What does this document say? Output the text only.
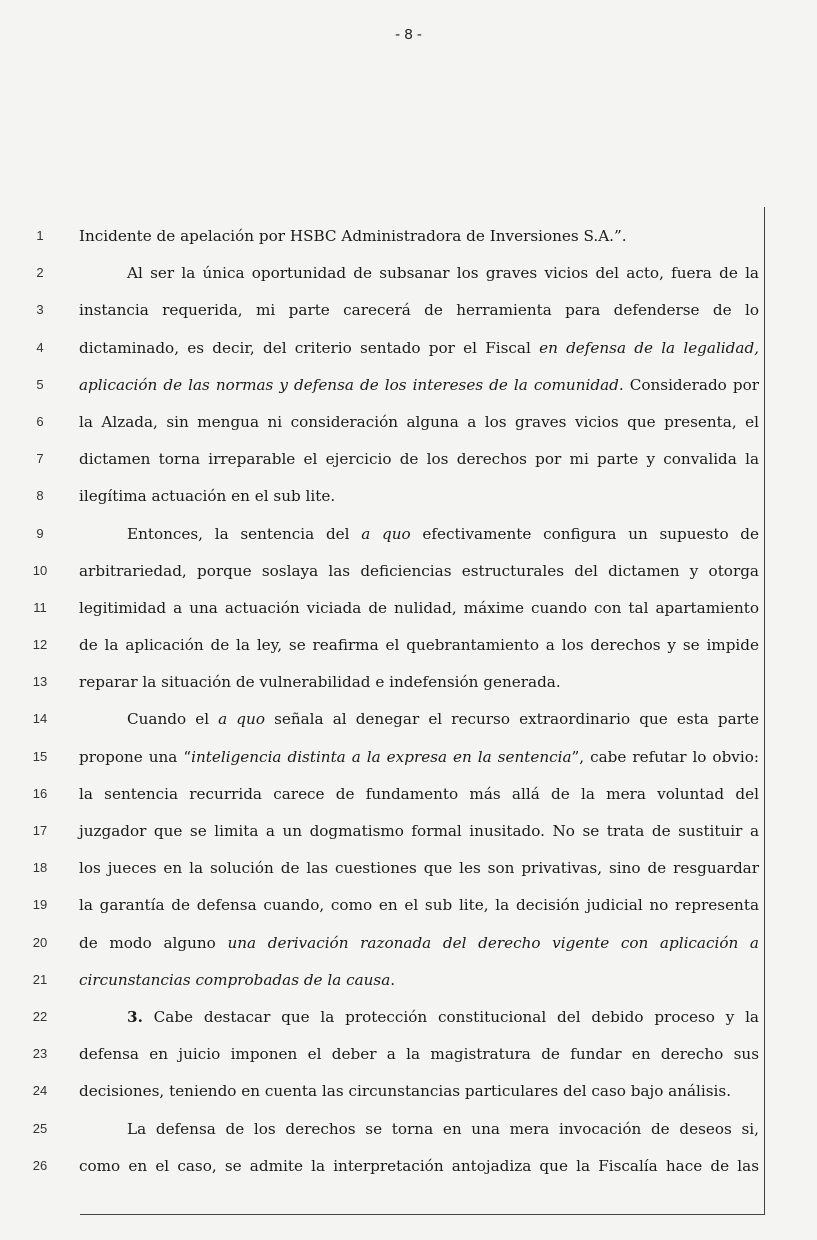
- 8 -
1	Incidente de apelación por HSBC Administradora de Inversiones S.A.”.
2	Al ser la única oportunidad de subsanar los graves vicios del acto, fuera de la
3	instancia requerida, mi parte carecerá de herramienta para defenderse de lo
4	dictaminado, es decir, del criterio sentado por el Fiscal en defensa de la legalidad,
5	aplicación de las normas y defensa de los intereses de la comunidad. Considerado por
6	la Alzada, sin mengua ni consideración alguna a los graves vicios que presenta, el
7	dictamen torna irreparable el ejercicio de los derechos por mi parte y convalida la
8	ilegítima actuación en el sub lite.
9	Entonces, la sentencia del a quo efectivamente configura un supuesto de
10	arbitrariedad, porque soslaya las deficiencias estructurales del dictamen y otorga
11	legitimidad a una actuación viciada de nulidad, máxime cuando con tal apartamiento
12	de la aplicación de la ley, se reafirma el quebrantamiento a los derechos y se impide
13	reparar la situación de vulnerabilidad e indefensión generada.
14	Cuando el a quo señala al denegar el recurso extraordinario que esta parte
15	propone una “inteligencia distinta a la expresa en la sentencia”, cabe refutar lo obvio:
16	la sentencia recurrida carece de fundamento más allá de la mera voluntad del
17	juzgador que se limita a un dogmatismo formal inusitado. No se trata de sustituir a
18	los jueces en la solución de las cuestiones que les son privativas, sino de resguardar
19	la garantía de defensa cuando, como en el sub lite, la decisión judicial no representa
20	de modo alguno una derivación razonada del derecho vigente con aplicación a
21	circunstancias comprobadas de la causa.
22	3. Cabe destacar que la protección constitucional del debido proceso y la
23	defensa en juicio imponen el deber a la magistratura de fundar en derecho sus
24	decisiones, teniendo en cuenta las circunstancias particulares del caso bajo análisis.
25	La defensa de los derechos se torna en una mera invocación de deseos si,
26	como en el caso, se admite la interpretación antojadiza que la Fiscalía hace de las
